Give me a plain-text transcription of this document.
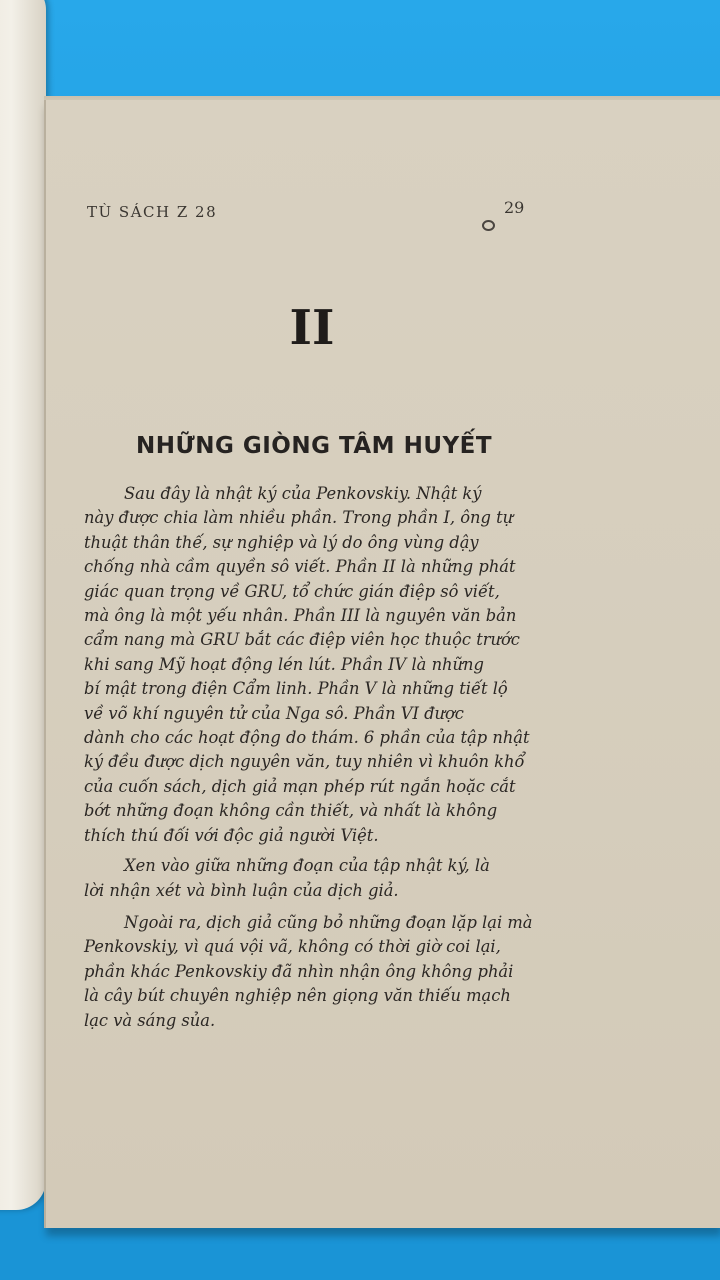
TÙ SÁCH Z 28	29
II
NHỮNG GIÒNG TÂM HUYẾT

Sau đây là nhật ký của Penkovskiy. Nhật ký
này được chia làm nhiều phần. Trong phần I, ông tự
thuật thân thế, sự nghiệp và lý do ông vùng dậy
chống nhà cầm quyền sô viết. Phần II là những phát
giác quan trọng về GRU, tổ chức gián điệp sô viết,
mà ông là một yếu nhân. Phần III là nguyên văn bản
cẩm nang mà GRU bắt các điệp viên học thuộc trước
khi sang Mỹ hoạt động lén lút. Phần IV là những
bí mật trong điện Cẩm linh. Phần V là những tiết lộ
về võ khí nguyên tử của Nga sô. Phần VI được
dành cho các hoạt động do thám. 6 phần của tập nhật
ký đều được dịch nguyên văn, tuy nhiên vì khuôn khổ
của cuốn sách, dịch giả mạn phép rút ngắn hoặc cắt
bớt những đoạn không cần thiết, và nhất là không
thích thú đối với độc giả người Việt.

Xen vào giữa những đoạn của tập nhật ký, là
lời nhận xét và bình luận của dịch giả.

Ngoài ra, dịch giả cũng bỏ những đoạn lặp lại mà
Penkovskiy, vì quá vội vã, không có thời giờ coi lại,
phần khác Penkovskiy đã nhìn nhận ông không phải
là cây bút chuyên nghiệp nên giọng văn thiếu mạch
lạc và sáng sủa.
